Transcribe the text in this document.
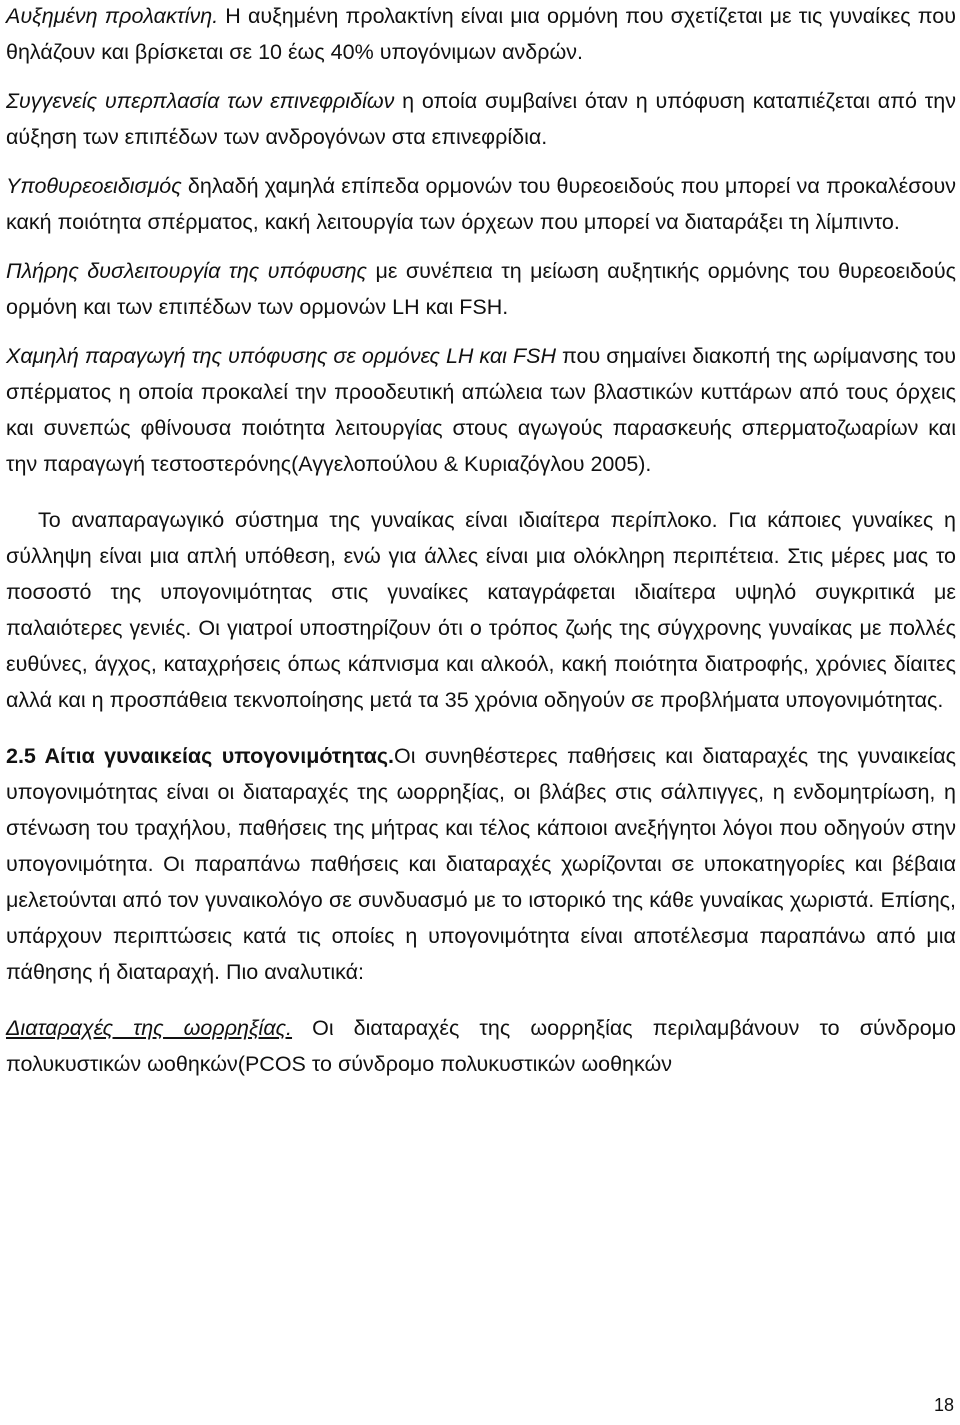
Αυξημένη προλακτίνη. Η αυξημένη προλακτίνη είναι μια ορμόνη που σχετίζεται με τις γυναίκες που θηλάζουν και βρίσκεται σε 10 έως 40% υπογόνιμων ανδρών.

Συγγενείς υπερπλασία των επινεφριδίων η οποία συμβαίνει όταν η υπόφυση καταπιέζεται από την αύξηση των επιπέδων των ανδρογόνων στα επινεφρίδια.

Υποθυρεοειδισμός δηλαδή χαμηλά επίπεδα ορμονών του θυρεοειδούς που μπορεί να προκαλέσουν κακή ποιότητα σπέρματος, κακή λειτουργία των όρχεων που μπορεί να διαταράξει τη λίμπιντο.

Πλήρης δυσλειτουργία της υπόφυσης με συνέπεια τη μείωση αυξητικής ορμόνης του θυρεοειδούς ορμόνη και των επιπέδων των ορμονών LH και FSH.

Χαμηλή παραγωγή της υπόφυσης σε ορμόνες LH και FSH που σημαίνει διακοπή της ωρίμανσης του σπέρματος η οποία προκαλεί την προοδευτική απώλεια των βλαστικών κυττάρων από τους όρχεις και συνεπώς φθίνουσα ποιότητα λειτουργίας στους αγωγούς παρασκευής σπερματοζωαρίων και την παραγωγή τεστοστερόνης(Αγγελοπούλου & Κυριαζόγλου 2005).

Το αναπαραγωγικό σύστημα της γυναίκας είναι ιδιαίτερα περίπλοκο. Για κάποιες γυναίκες η σύλληψη είναι μια απλή υπόθεση, ενώ για άλλες είναι μια ολόκληρη περιπέτεια. Στις μέρες μας το ποσοστό της υπογονιμότητας στις γυναίκες καταγράφεται ιδιαίτερα υψηλό συγκριτικά με παλαιότερες γενιές. Οι γιατροί υποστηρίζουν ότι ο τρόπος ζωής της σύγχρονης γυναίκας με πολλές ευθύνες, άγχος, καταχρήσεις όπως κάπνισμα και αλκοόλ, κακή ποιότητα διατροφής, χρόνιες δίαιτες αλλά και η προσπάθεια τεκνοποίησης μετά τα 35 χρόνια οδηγούν σε προβλήματα υπογονιμότητας.

2.5 Αίτια γυναικείας υπογονιμότητας.Οι συνηθέστερες παθήσεις και διαταραχές της γυναικείας υπογονιμότητας είναι οι διαταραχές της ωορρηξίας, οι βλάβες στις σάλπιγγες, η ενδομητρίωση, η στένωση του τραχήλου, παθήσεις της μήτρας και τέλος κάποιοι ανεξήγητοι λόγοι που οδηγούν στην υπογονιμότητα. Οι παραπάνω παθήσεις και διαταραχές χωρίζονται σε υποκατηγορίες και βέβαια μελετούνται από τον γυναικολόγο σε συνδυασμό με το ιστορικό της κάθε γυναίκας χωριστά. Επίσης, υπάρχουν περιπτώσεις κατά τις οποίες η υπογονιμότητα είναι αποτέλεσμα παραπάνω από μια πάθησης ή διαταραχή. Πιο αναλυτικά:

Διαταραχές της ωορρηξίας. Οι διαταραχές της ωορρηξίας περιλαμβάνουν το σύνδρομο πολυκυστικών ωοθηκών(PCOS το σύνδρομο πολυκυστικών ωοθηκών

18
